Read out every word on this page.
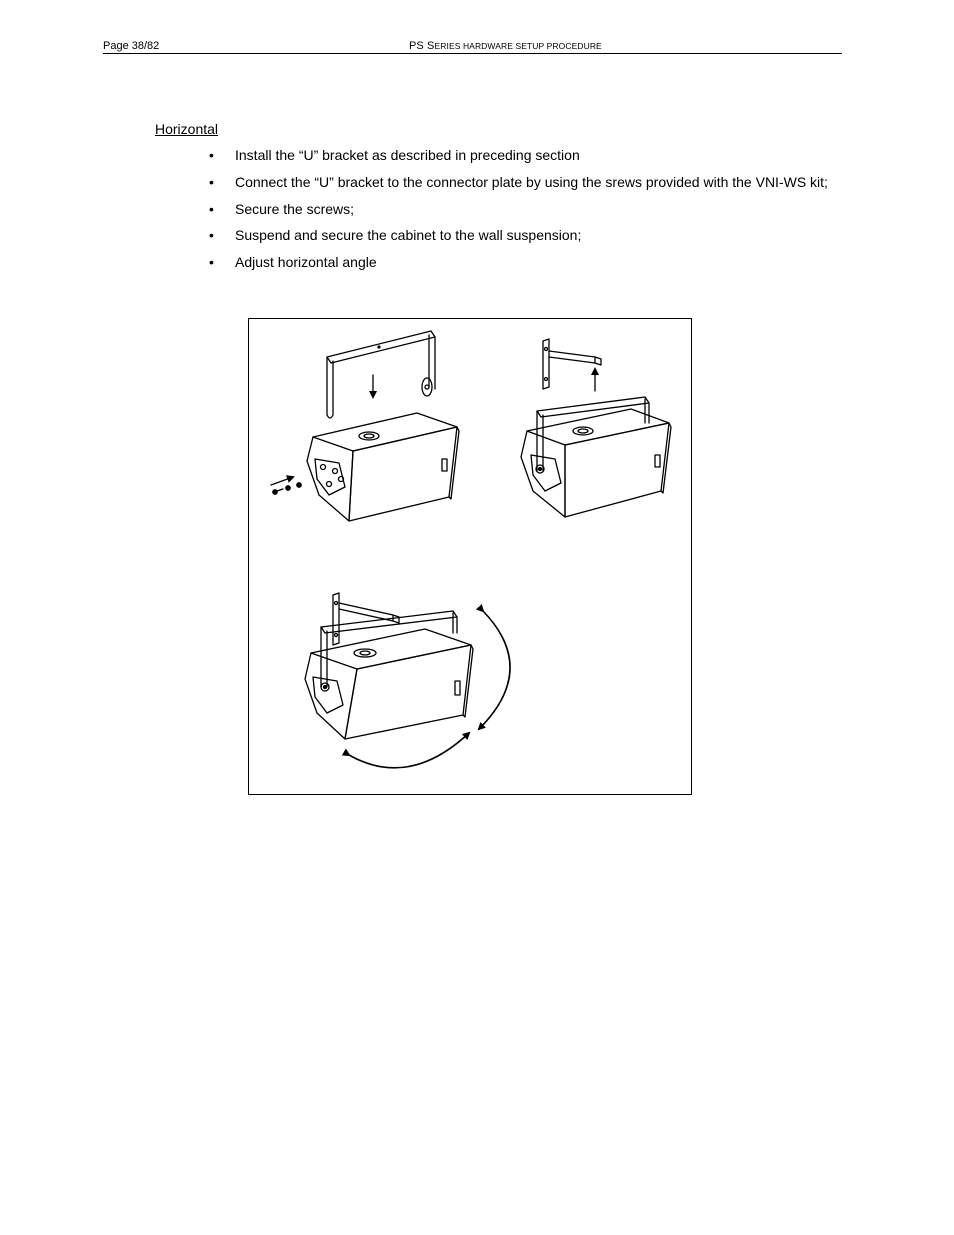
Page 38/82	PS SERIES HARDWARE SETUP PROCEDURE
Horizontal
• Install the “U” bracket as described in preceding section
• Connect the “U” bracket to the connector plate by using the srews provided with the VNI-WS kit;
• Secure the screws;
• Suspend and secure the cabinet to the wall suspension;
• Adjust horizontal angle
